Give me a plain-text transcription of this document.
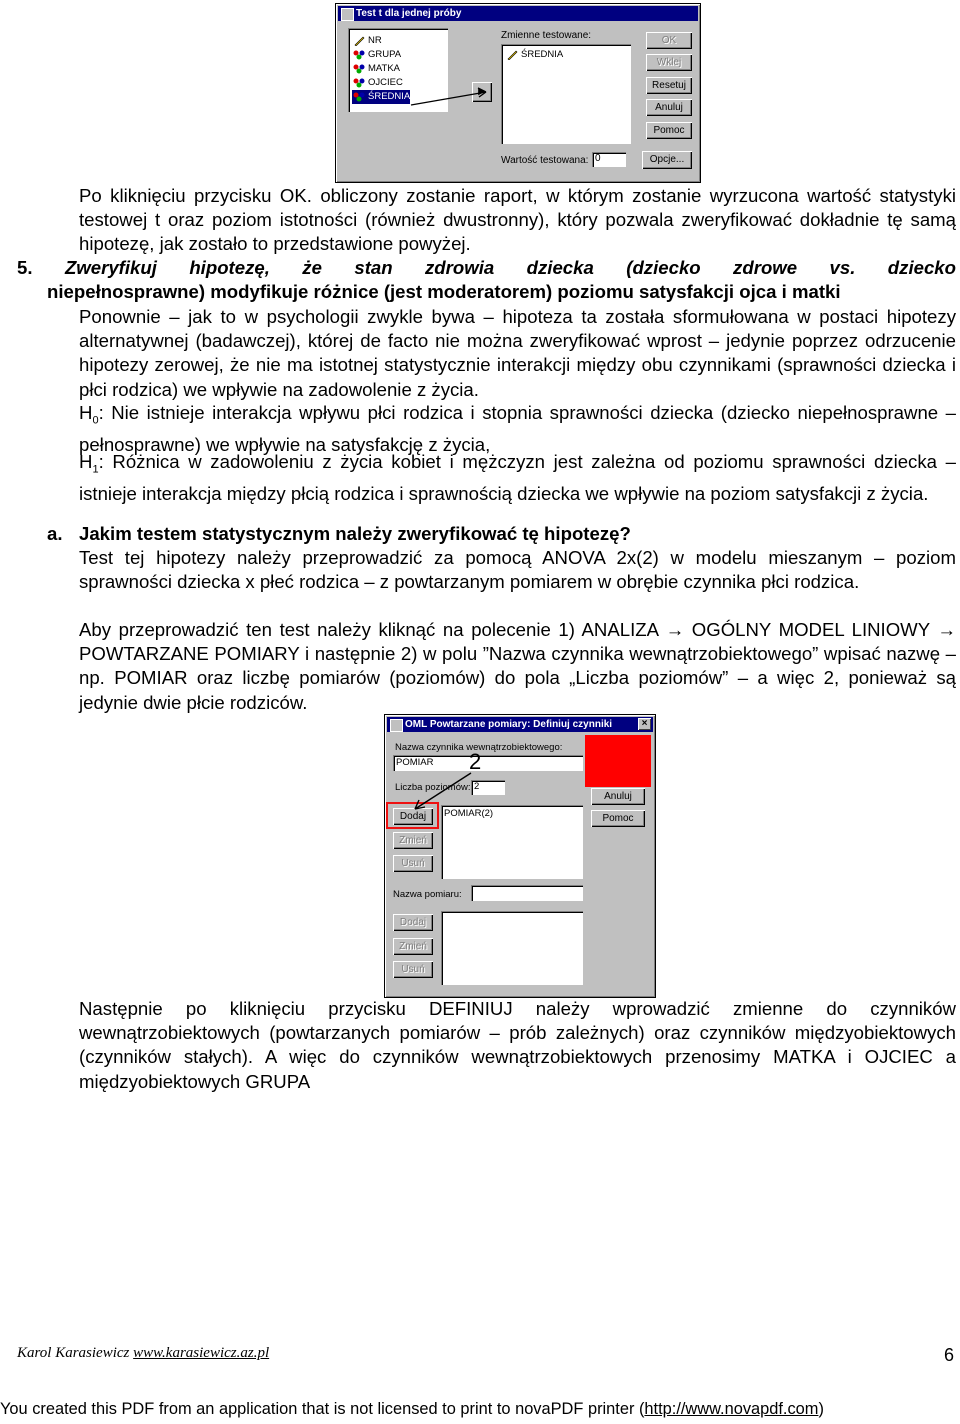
Test t dla jednej próby
NR
GRUPA
MATKA
OJCIEC
ŚREDNIA	▶
Zmienne testowane:
ŚREDNIA
OK
Wklej
Resetuj
Anuluj
Pomoc
Wartość testowana: 0	Opcje...
Po kliknięciu przycisku OK. obliczony zostanie raport, w którym zostanie wyrzucona wartość statystyki testowej t oraz poziom istotności (również dwustronny), który pozwala zweryfikować dokładnie tę samą hipotezę, jak zostało to przedstawione powyżej.
5. Zweryfikuj hipotezę, że stan zdrowia dziecka (dziecko zdrowe vs. dziecko
niepełnosprawne) modyfikuje różnice (jest moderatorem) poziomu satysfakcji ojca i matki
Ponownie – jak to w psychologii zwykle bywa – hipoteza ta została sformułowana w postaci hipotezy alternatywnej (badawczej), której de facto nie można zweryfikować wprost – jedynie poprzez odrzucenie hipotezy zerowej, że nie ma istotnej statystycznie interakcji między obu czynnikami (sprawności dziecka i płci rodzica) we wpływie na zadowolenie z życia.
$H_0$: Nie istnieje interakcja wpływu płci rodzica i stopnia sprawności dziecka (dziecko niepełnosprawne – pełnosprawne) we wpływie na satysfakcję z życia,
$H_1$: Różnica w zadowoleniu z życia kobiet i mężczyzn jest zależna od poziomu sprawności dziecka – istnieje interakcja między płcią rodzica i sprawnością dziecka we wpływie na poziom satysfakcji z życia.
a. Jakim testem statystycznym należy zweryfikować tę hipotezę?
Test tej hipotezy należy przeprowadzić za pomocą ANOVA 2x(2) w modelu mieszanym – poziom sprawności dziecka x płeć rodzica – z powtarzanym pomiarem w obrębie czynnika płci rodzica.
Aby przeprowadzić ten test należy kliknąć na polecenie 1) ANALIZA → OGÓLNY MODEL LINIOWY → POWTARZANE POMIARY i następnie 2) w polu ”Nazwa czynnika wewnątrzobiektowego” wpisać nazwę – np. POMIAR oraz liczbę pomiarów (poziomów) do pola „Liczba poziomów” – a więc 2, ponieważ są jedynie dwie płcie rodziców.
OML Powtarzane pomiary: Definiuj czynniki	×
Nazwa czynnika wewnątrzobiektowego:
POMIAR
Liczba poziomów: 2
Dodaj
Zmień
Usuń
POMIAR(2)
Nazwa pomiaru:
Dodaj
Zmień
Usuń
Anuluj
Pomoc
2
Następnie po kliknięciu przycisku DEFINIUJ należy wprowadzić zmienne do czynników wewnątrzobiektowych (powtarzanych pomiarów – prób zależnych) oraz czynników międzyobiektowych (czynników stałych). A więc do czynników wewnątrzobiektowych przenosimy MATKA i OJCIEC a międzyobiektowych GRUPA
Karol Karasiewicz www.karasiewicz.az.pl	6
You created this PDF from an application that is not licensed to print to novaPDF printer (http://www.novapdf.com)
